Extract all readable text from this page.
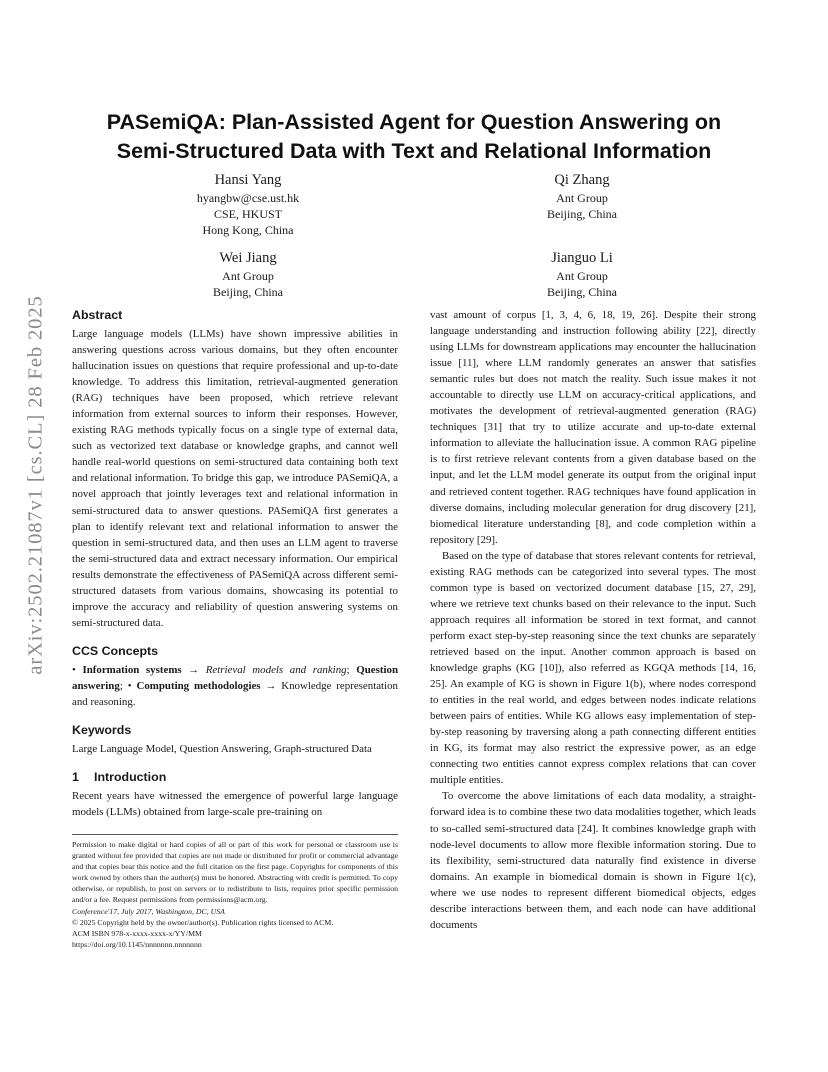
arXiv:2502.21087v1 [cs.CL] 28 Feb 2025
PASemiQA: Plan-Assisted Agent for Question Answering on
Semi-Structured Data with Text and Relational Information
Hansi Yang
hyangbw@cse.ust.hk
CSE, HKUST
Hong Kong, China
Qi Zhang
Ant Group
Beijing, China
Wei Jiang
Ant Group
Beijing, China
Jianguo Li
Ant Group
Beijing, China
Abstract

Large language models (LLMs) have shown impressive abilities in answering questions across various domains, but they often encounter hallucination issues on questions that require professional and up-to-date knowledge. To address this limitation, retrieval-augmented generation (RAG) techniques have been proposed, which retrieve relevant information from external sources to inform their responses. However, existing RAG methods typically focus on a single type of external data, such as vectorized text database or knowledge graphs, and cannot well handle real-world questions on semi-structured data containing both text and relational information. To bridge this gap, we introduce PASemiQA, a novel approach that jointly leverages text and relational information in semi-structured data to answer questions. PASemiQA first generates a plan to identify relevant text and relational information to answer the question in semi-structured data, and then uses an LLM agent to traverse the semi-structured data and extract necessary information. Our empirical results demonstrate the effectiveness of PASemiQA across different semi-structured datasets from various domains, showcasing its potential to improve the accuracy and reliability of question answering systems on semi-structured data.

CCS Concepts

• Information systems → Retrieval models and ranking; Question answering; • Computing methodologies → Knowledge representation and reasoning.

Keywords

Large Language Model, Question Answering, Graph-structured Data

1 Introduction

Recent years have witnessed the emergence of powerful large language models (LLMs) obtained from large-scale pre-training on

Permission to make digital or hard copies of all or part of this work for personal or classroom use is granted without fee provided that copies are not made or distributed for profit or commercial advantage and that copies bear this notice and the full citation on the first page. Copyrights for components of this work owned by others than the author(s) must be honored. Abstracting with credit is permitted. To copy otherwise, or republish, to post on servers or to redistribute to lists, requires prior specific permission and/or a fee. Request permissions from permissions@acm.org.

Conference'17, July 2017, Washington, DC, USA

© 2025 Copyright held by the owner/author(s). Publication rights licensed to ACM.

ACM ISBN 978-x-xxxx-xxxx-x/YY/MM

https://doi.org/10.1145/nnnnnnn.nnnnnnn

vast amount of corpus [1, 3, 4, 6, 18, 19, 26]. Despite their strong language understanding and instruction following ability [22], directly using LLMs for downstream applications may encounter the hallucination issue [11], where LLM randomly generates an answer that satisfies semantic rules but does not match the reality. Such issue makes it not accountable to directly use LLM on accuracy-critical applications, and motivates the development of retrieval-augmented generation (RAG) techniques [31] that try to utilize accurate and up-to-date external information to alleviate the hallucination issue. A common RAG pipeline is to first retrieve relevant contents from a given database based on the input, and let the LLM model generate its output from the original input and retrieved content together. RAG techniques have found application in diverse domains, including molecular generation for drug discovery [21], biomedical literature understanding [8], and code completion within a repository [29].

Based on the type of database that stores relevant contents for retrieval, existing RAG methods can be categorized into several types. The most common type is based on vectorized document database [15, 27, 29], where we retrieve text chunks based on their relevance to the input. Such approach requires all information be stored in text format, and cannot perform exact step-by-step reasoning since the text chunks are separately retrieved based on the input. Another common approach is based on knowledge graphs (KG [10]), also referred as KGQA methods [14, 16, 25]. An example of KG is shown in Figure 1(b), where nodes correspond to entities in the real world, and edges between nodes indicate relations between pairs of entities. While KG allows easy implementation of step-by-step reasoning by traversing along a path connecting different entities in KG, its format may also restrict the expressive power, as an edge connecting two entities cannot express complex relations that can cover multiple entities.

To overcome the above limitations of each data modality, a straight-forward idea is to combine these two data modalities together, which leads to so-called semi-structured data [24]. It combines knowledge graph with node-level documents to allow more flexible information storing. Due to its flexibility, semi-structured data naturally find existence in diverse domains. An example in biomedical domain is shown in Figure 1(c), where we use nodes to represent different biomedical objects, edges describe interactions between them, and each node can have additional documents
